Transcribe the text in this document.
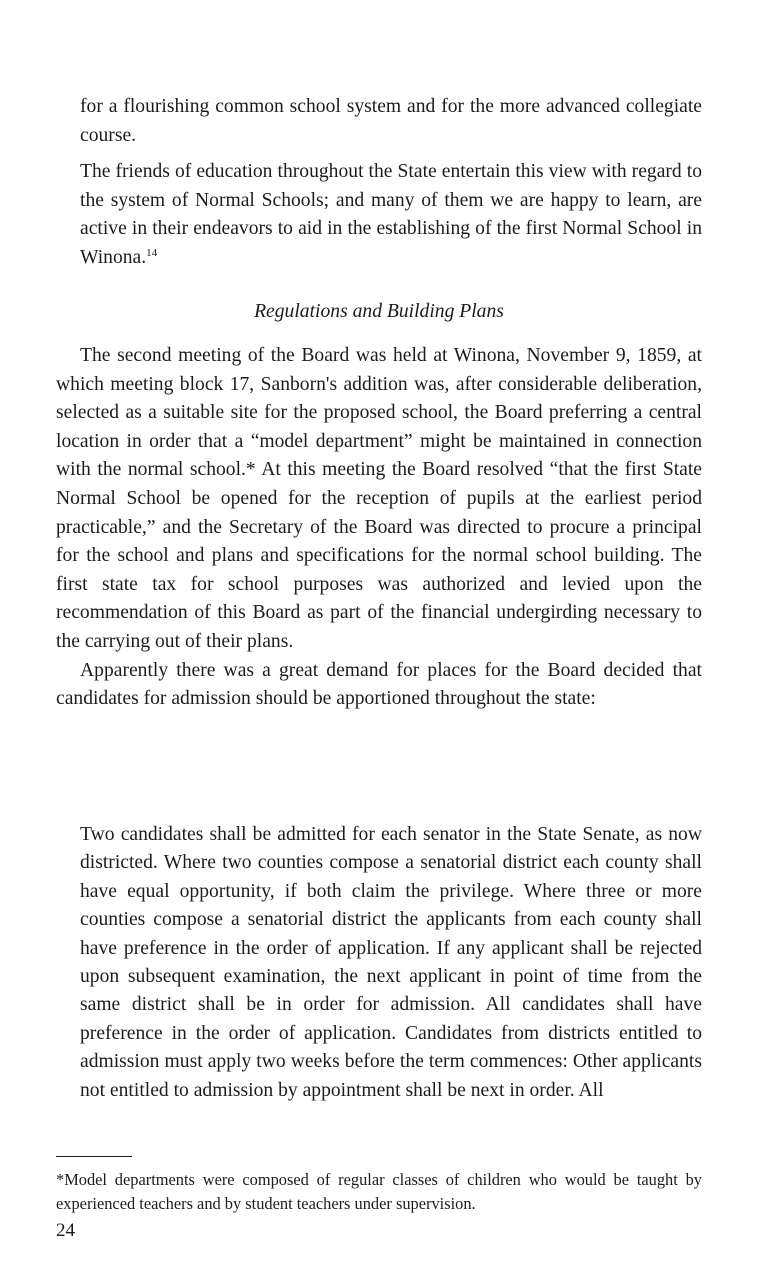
for a flourishing common school system and for the more advanced collegiate course.

The friends of education throughout the State entertain this view with regard to the system of Normal Schools; and many of them we are happy to learn, are active in their endeavors to aid in the establishing of the first Normal School in Winona.$^{14}$

Regulations and Building Plans

The second meeting of the Board was held at Winona, November 9, 1859, at which meeting block 17, Sanborn's addition was, after considerable deliberation, selected as a suitable site for the proposed school, the Board preferring a central location in order that a “model department” might be maintained in connection with the normal school.* At this meeting the Board resolved “that the first State Normal School be opened for the reception of pupils at the earliest period practicable,” and the Secretary of the Board was directed to procure a principal for the school and plans and specifications for the normal school building. The first state tax for school purposes was authorized and levied upon the recommendation of this Board as part of the financial undergirding necessary to the carrying out of their plans.

Apparently there was a great demand for places for the Board decided that candidates for admission should be apportioned throughout the state:

Two candidates shall be admitted for each senator in the State Senate, as now districted. Where two counties compose a senatorial district each county shall have equal opportunity, if both claim the privilege. Where three or more counties compose a senatorial district the applicants from each county shall have preference in the order of application. If any applicant shall be rejected upon subsequent examination, the next applicant in point of time from the same district shall be in order for admission. All candidates shall have preference in the order of application. Candidates from districts entitled to admission must apply two weeks before the term commences: Other applicants not entitled to admission by appointment shall be next in order. All

*Model departments were composed of regular classes of children who would be taught by experienced teachers and by student teachers under supervision.

24
